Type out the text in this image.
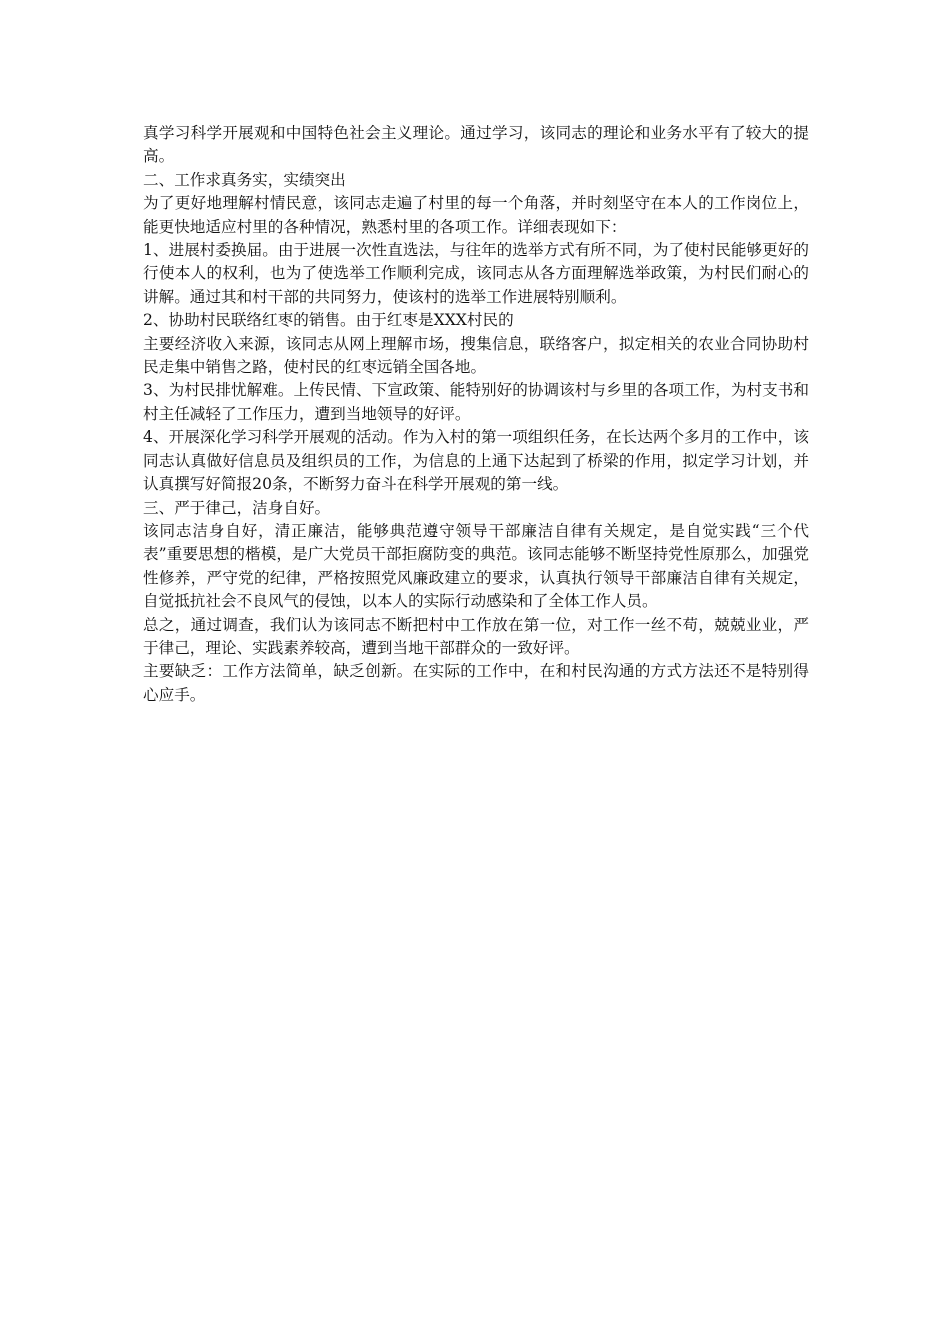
真学习科学开展观和中国特色社会主义理论。通过学习，该同志的理论和业务水平有了较大的提高。

二、工作求真务实，实绩突出

为了更好地理解村情民意，该同志走遍了村里的每一个角落，并时刻坚守在本人的工作岗位上，能更快地适应村里的各种情况，熟悉村里的各项工作。详细表现如下：

1、进展村委换届。由于进展一次性直选法，与往年的选举方式有所不同，为了使村民能够更好的行使本人的权利，也为了使选举工作顺利完成，该同志从各方面理解选举政策，为村民们耐心的讲解。通过其和村干部的共同努力，使该村的选举工作进展特别顺利。

2、协助村民联络红枣的销售。由于红枣是XXX村民的

主要经济收入来源，该同志从网上理解市场，搜集信息，联络客户，拟定相关的农业合同协助村民走集中销售之路，使村民的红枣远销全国各地。

3、为村民排忧解难。上传民情、下宣政策、能特别好的协调该村与乡里的各项工作，为村支书和村主任减轻了工作压力，遭到当地领导的好评。

4、开展深化学习科学开展观的活动。作为入村的第一项组织任务，在长达两个多月的工作中，该同志认真做好信息员及组织员的工作，为信息的上通下达起到了桥梁的作用，拟定学习计划，并认真撰写好简报20条，不断努力奋斗在科学开展观的第一线。

三、严于律己，洁身自好。

该同志洁身自好，清正廉洁，能够典范遵守领导干部廉洁自律有关规定，是自觉实践“三个代表”重要思想的楷模，是广大党员干部拒腐防变的典范。该同志能够不断坚持党性原那么，加强党性修养，严守党的纪律，严格按照党风廉政建立的要求，认真执行领导干部廉洁自律有关规定，自觉抵抗社会不良风气的侵蚀，以本人的实际行动感染和了全体工作人员。

总之，通过调查，我们认为该同志不断把村中工作放在第一位，对工作一丝不苟，兢兢业业，严于律己，理论、实践素养较高，遭到当地干部群众的一致好评。

主要缺乏：工作方法简单，缺乏创新。在实际的工作中，在和村民沟通的方式方法还不是特别得心应手。
